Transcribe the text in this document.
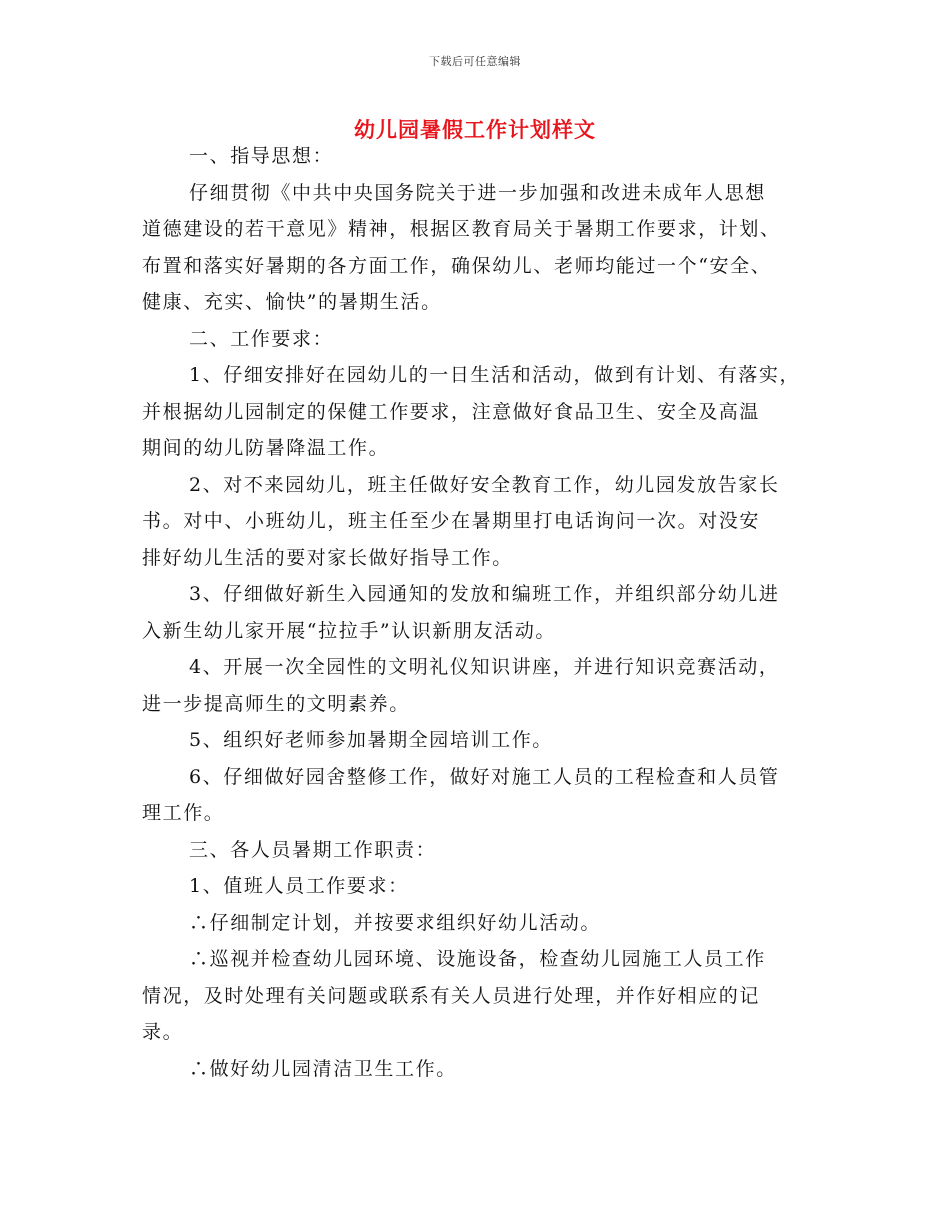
下载后可任意编辑
幼儿园暑假工作计划样文
一、指导思想：
仔细贯彻《中共中央国务院关于进一步加强和改进未成年人思想
道德建设的若干意见》精神，根据区教育局关于暑期工作要求，计划、
布置和落实好暑期的各方面工作，确保幼儿、老师均能过一个“安全、
健康、充实、愉快”的暑期生活。
二、工作要求：
1、仔细安排好在园幼儿的一日生活和活动，做到有计划、有落实，
并根据幼儿园制定的保健工作要求，注意做好食品卫生、安全及高温
期间的幼儿防暑降温工作。
2、对不来园幼儿，班主任做好安全教育工作，幼儿园发放告家长
书。对中、小班幼儿，班主任至少在暑期里打电话询问一次。对没安
排好幼儿生活的要对家长做好指导工作。
3、仔细做好新生入园通知的发放和编班工作，并组织部分幼儿进
入新生幼儿家开展“拉拉手”认识新朋友活动。
4、开展一次全园性的文明礼仪知识讲座，并进行知识竞赛活动，
进一步提高师生的文明素养。
5、组织好老师参加暑期全园培训工作。
6、仔细做好园舍整修工作，做好对施工人员的工程检查和人员管
理工作。
三、各人员暑期工作职责：
1、值班人员工作要求：
∴仔细制定计划，并按要求组织好幼儿活动。
∴巡视并检查幼儿园环境、设施设备，检查幼儿园施工人员工作
情况，及时处理有关问题或联系有关人员进行处理，并作好相应的记
录。
∴做好幼儿园清洁卫生工作。
